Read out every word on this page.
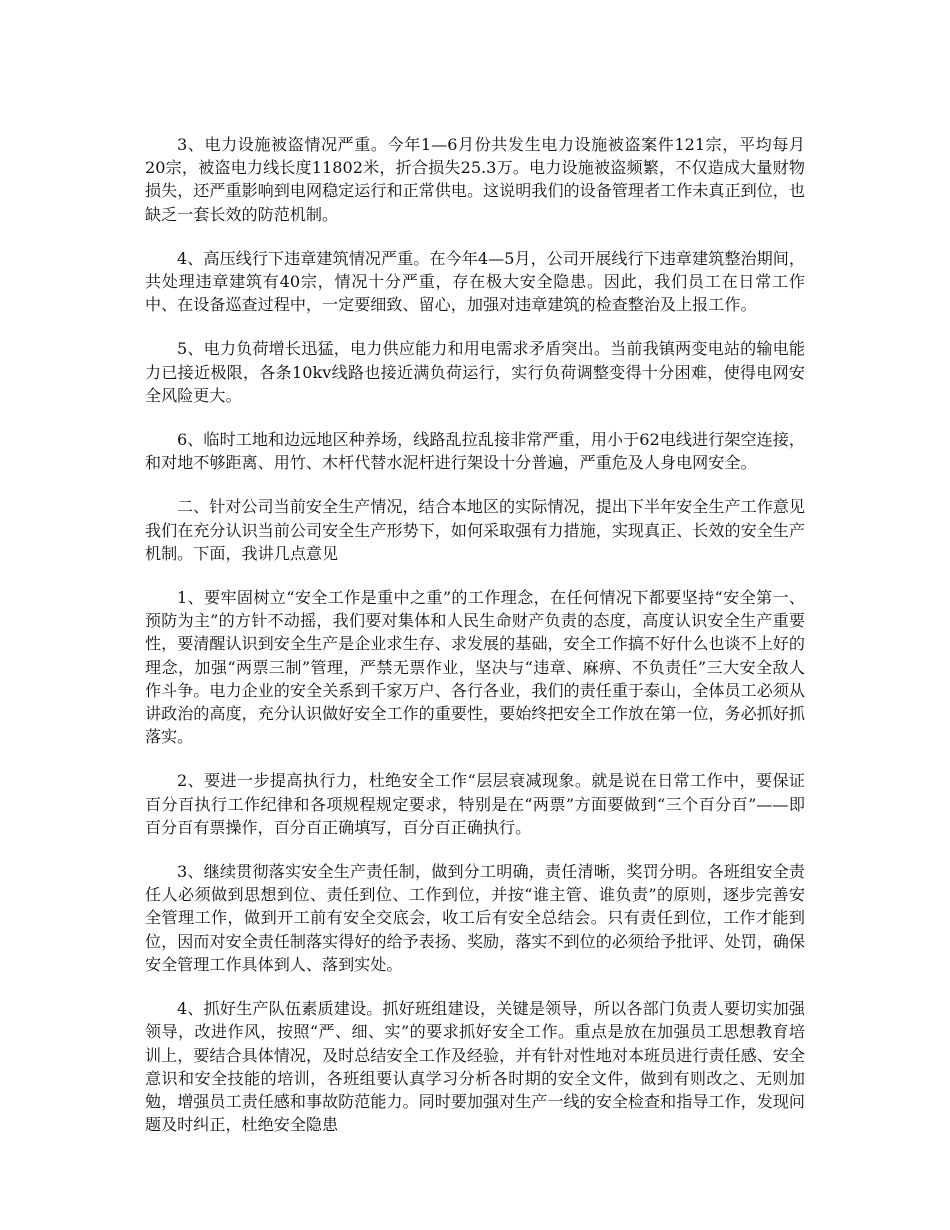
3、电力设施被盗情况严重。今年1—6月份共发生电力设施被盗案件121宗，平均每月20宗，被盗电力线长度11802米，折合损失25.3万。电力设施被盗频繁，不仅造成大量财物损失，还严重影响到电网稳定运行和正常供电。这说明我们的设备管理者工作未真正到位，也缺乏一套长效的防范机制。

4、高压线行下违章建筑情况严重。在今年4—5月，公司开展线行下违章建筑整治期间，共处理违章建筑有40宗，情况十分严重，存在极大安全隐患。因此，我们员工在日常工作中、在设备巡查过程中，一定要细致、留心，加强对违章建筑的检查整治及上报工作。

5、电力负荷增长迅猛，电力供应能力和用电需求矛盾突出。当前我镇两变电站的输电能力已接近极限，各条10kv线路也接近满负荷运行，实行负荷调整变得十分困难，使得电网安全风险更大。

6、临时工地和边远地区种养场，线路乱拉乱接非常严重，用小于62电线进行架空连接，和对地不够距离、用竹、木杆代替水泥杆进行架设十分普遍，严重危及人身电网安全。

二、针对公司当前安全生产情况，结合本地区的实际情况，提出下半年安全生产工作意见我们在充分认识当前公司安全生产形势下，如何采取强有力措施，实现真正、长效的安全生产机制。下面，我讲几点意见

1、要牢固树立“安全工作是重中之重”的工作理念，在任何情况下都要坚持“安全第一、预防为主”的方针不动摇，我们要对集体和人民生命财产负责的态度，高度认识安全生产重要性，要清醒认识到安全生产是企业求生存、求发展的基础，安全工作搞不好什么也谈不上好的理念，加强“两票三制”管理，严禁无票作业，坚决与“违章、麻痹、不负责任”三大安全敌人作斗争。电力企业的安全关系到千家万户、各行各业，我们的责任重于泰山，全体员工必须从讲政治的高度，充分认识做好安全工作的重要性，要始终把安全工作放在第一位，务必抓好抓落实。

2、要进一步提高执行力，杜绝安全工作“层层衰减现象。就是说在日常工作中，要保证百分百执行工作纪律和各项规程规定要求，特别是在“两票”方面要做到“三个百分百”——即百分百有票操作，百分百正确填写，百分百正确执行。

3、继续贯彻落实安全生产责任制，做到分工明确，责任清晰，奖罚分明。各班组安全责任人必须做到思想到位、责任到位、工作到位，并按“谁主管、谁负责”的原则，逐步完善安全管理工作，做到开工前有安全交底会，收工后有安全总结会。只有责任到位，工作才能到位，因而对安全责任制落实得好的给予表扬、奖励，落实不到位的必须给予批评、处罚，确保安全管理工作具体到人、落到实处。

4、抓好生产队伍素质建设。抓好班组建设，关键是领导，所以各部门负责人要切实加强领导，改进作风，按照“严、细、实”的要求抓好安全工作。重点是放在加强员工思想教育培训上，要结合具体情况，及时总结安全工作及经验，并有针对性地对本班员进行责任感、安全意识和安全技能的培训，各班组要认真学习分析各时期的安全文件，做到有则改之、无则加勉，增强员工责任感和事故防范能力。同时要加强对生产一线的安全检查和指导工作，发现问题及时纠正，杜绝安全隐患
